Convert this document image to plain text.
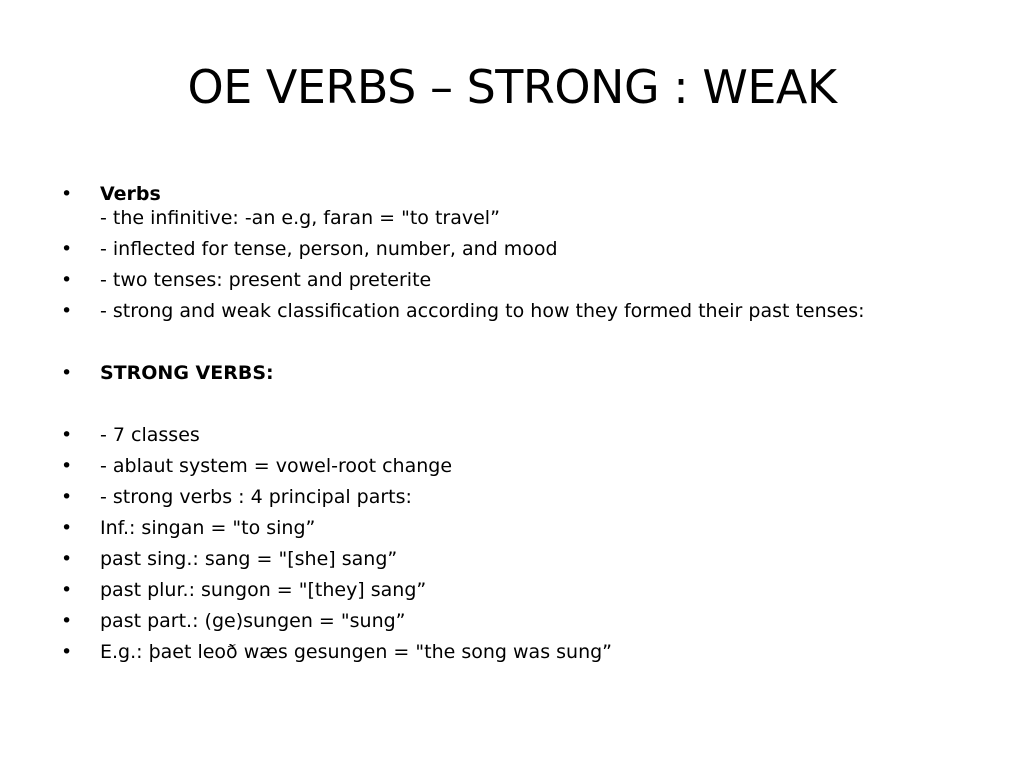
OE VERBS – STRONG : WEAK
• Verbs
- the infinitive: -an e.g, faran = "to travel”
• - inflected for tense, person, number, and mood
• - two tenses: present and preterite
• - strong and weak classification according to how they formed their past tenses:
• STRONG VERBS:
• - 7 classes
• - ablaut system = vowel-root change
• - strong verbs : 4 principal parts:
• Inf.: singan = "to sing”
• past sing.: sang = "[she] sang”
• past plur.: sungon = "[they] sang”
• past part.: (ge)sungen = "sung”
• E.g.: þaet leoð wæs gesungen = "the song was sung”
